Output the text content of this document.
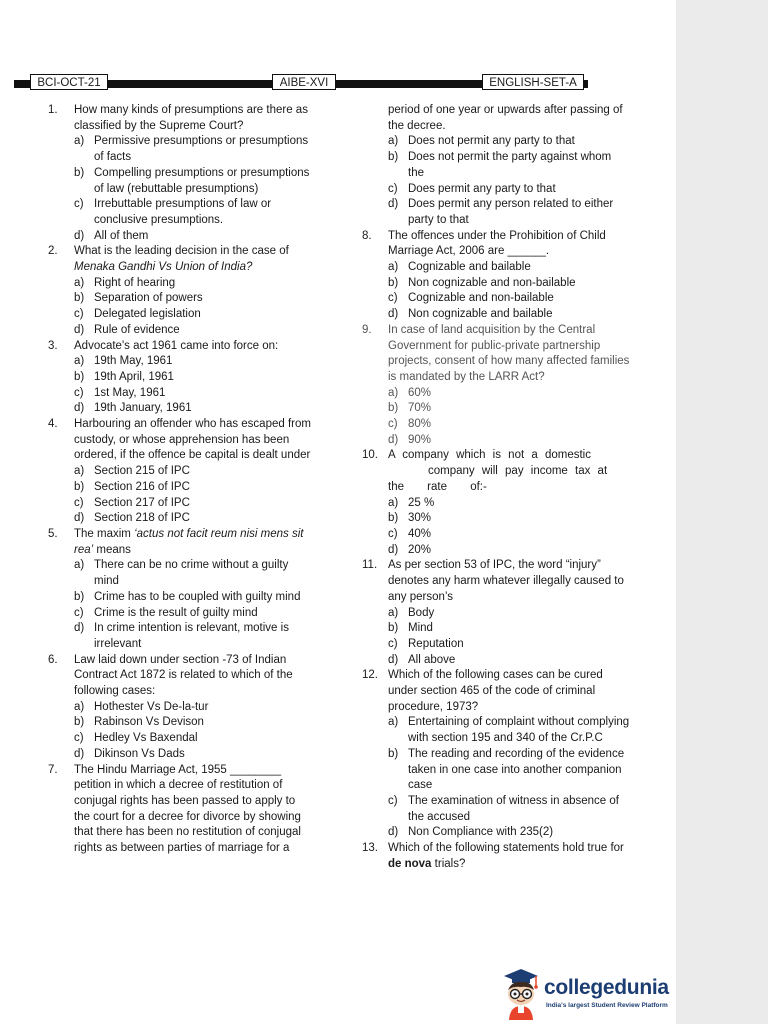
BCI-OCT-21	AIBE-XVI	ENGLISH-SET-A
1.	How many kinds of presumptions are there as classified by the Supreme Court?
a) Permissive presumptions or presumptions of facts
b) Compelling presumptions or presumptions of law (rebuttable presumptions)
c) Irrebuttable presumptions of law or conclusive presumptions.
d) All of them
2.	What is the leading decision in the case of Menaka Gandhi Vs Union of India?
a) Right of hearing
b) Separation of powers
c) Delegated legislation
d) Rule of evidence
3.	Advocate's act 1961 came into force on:
a) 19th May, 1961
b) 19th April, 1961
c) 1st May, 1961
d) 19th January, 1961
4.	Harbouring an offender who has escaped from custody, or whose apprehension has been ordered, if the offence be capital is dealt under
a) Section 215 of IPC
b) Section 216 of IPC
c) Section 217 of IPC
d) Section 218 of IPC
5.	The maxim ‘actus not facit reum nisi mens sit rea’ means
a) There can be no crime without a guilty mind
b) Crime has to be coupled with guilty mind
c) Crime is the result of guilty mind
d) In crime intention is relevant, motive is irrelevant
6.	Law laid down under section -73 of Indian Contract Act 1872 is related to which of the following cases:
a) Hothester Vs De-la-tur
b) Rabinson Vs Devison
c) Hedley Vs Baxendal
d) Dikinson Vs Dads
7.	The Hindu Marriage Act, 1955 ________ petition in which a decree of restitution of conjugal rights has been passed to apply to the court for a decree for divorce by showing that there has been no restitution of conjugal rights as between parties of marriage for a
period of one year or upwards after passing of the decree.
a) Does not permit any party to that
b) Does not permit the party against whom the
c) Does permit any party to that
d) Does permit any person related to either party to that
8.	The offences under the Prohibition of Child Marriage Act, 2006 are ______.
a) Cognizable and bailable
b) Non cognizable and non-bailable
c) Cognizable and non-bailable
d) Non cognizable and bailable
9.	In case of land acquisition by the Central Government for public-private partnership projects, consent of how many affected families is mandated by the LARR Act?
a) 60%
b) 70%
c) 80%
d) 90%
10. A company which is not a domestic
company will pay income tax at
the rate of:-
a) 25 %
b) 30%
c) 40%
d) 20%
11. As per section 53 of IPC, the word “injury” denotes any harm whatever illegally caused to any person’s
a) Body
b) Mind
c) Reputation
d) All above
12. Which of the following cases can be cured under section 465 of the code of criminal procedure, 1973?
a) Entertaining of complaint without complying with section 195 and 340 of the Cr.P.C
b) The reading and recording of the evidence taken in one case into another companion case
c) The examination of witness in absence of the accused
d) Non Compliance with 235(2)
13. Which of the following statements hold true for de nova trials?
collegedunia
India's largest Student Review Platform
